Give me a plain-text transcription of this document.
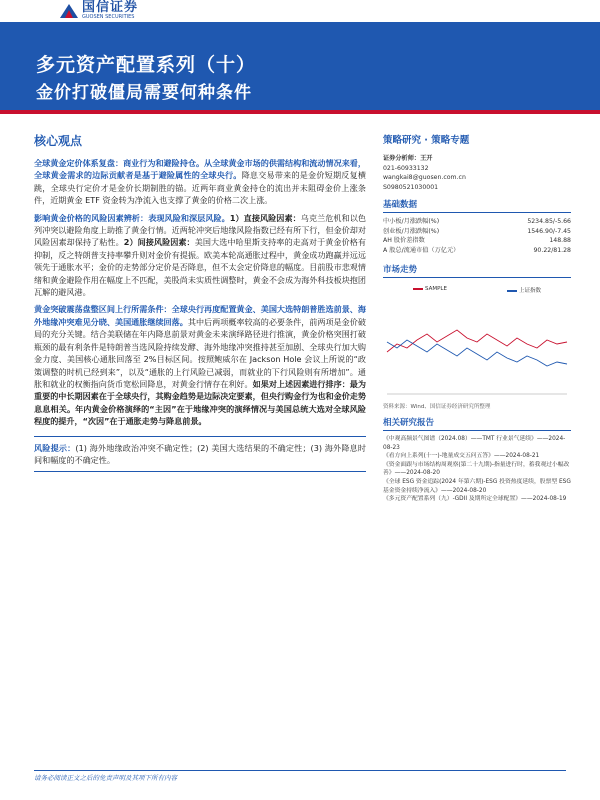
国信证券
GUOSEN SECURITIES
多元资产配置系列（十）
金价打破僵局需要何种条件
核心观点
全球黄金定价体系复盘：商业行为和避险持仓。从全球黄金市场的供需结构和流动情况来看，全球黄金需求的边际贡献者是基于避险属性的全球央行。降息交易带来的是金价短期反复横跳，全球央行定价才是金价长期制胜的锚。近两年商业黄金持仓的流出并未阻碍金价上涨条件，近期黄金 ETF 资金转为净流入也支撑了黄金的价格二次上涨。
影响黄金价格的风险因素辨析：表现风险和深层风险。1）直接风险因素：乌克兰危机和以色列冲突以避险角度上助推了黄金行情。近两轮冲突后地缘风险指数已经有所下行，但金价却对风险因素却保持了粘性。2）间接风险因素：美国大选中哈里斯支持率的走高对于黄金价格有抑制，反之特朗普支持率攀升则对金价有提振。欧美本轮高通胀过程中，黄金成功跑赢并远远领先于通胀水平；金价的走势部分定价是否降息，但不太会定价降息的幅度。目前股市悲观情绪和黄金避险作用在幅度上不匹配，美股尚未实质性调整时，黄金不会成为海外科技板块抱团瓦解的避风港。
黄金突破震荡盘整区间上行所需条件：全球央行再度配置黄金、美国大选特朗普胜选前景、海外地缘冲突难见分晓、美国通胀继续回落。其中后两项概率较高的必要条件，前两项是金价破局的充分关键。结合美联储在年内降息前景对黄金未来演绎路径进行推演，黄金价格突围打破瓶颈的最有利条件是特朗普当选风险持续发酵、海外地缘冲突推持甚至加剧、全球央行加大购金力度、美国核心通胀回落至 2%目标区间。按照鲍威尔在 Jackson Hole 会议上所说的“政策调整的时机已经到来”，以及“通胀的上行风险已减弱，而就业的下行风险则有所增加”。通胀和就业的权衡指向货币宽松回降息，对黄金行情存在利好。如果对上述因素进行排序：最为重要的中长期因素在于全球央行，其购金趋势是边际决定要素，但央行购金行为也和金价走势息息相关。年内黄金价格演绎的“主因”在于地缘冲突的演绎情况与美国总统大选对全球风险程度的提升，“次因”在于通胀走势与降息前景。
风险提示：(1) 海外地缘政治冲突不确定性；(2) 美国大选结果的不确定性；(3) 海外降息时间和幅度的不确定性。
策略研究 · 策略专题
证券分析师：王开
021-60933132
wangkai8@guosen.com.cn
S0980521030001
基础数据
中小板/月涨跌幅(%)	5234.85/-5.66
创业板/月涨跌幅(%)	1546.90/-7.45
AH 股价差指数	148.88
A 股总/流通市值（万亿元）	90.22/81.28
市场走势
SAMPLE	上证指数
资料来源：Wind、国信证券经济研究所整理
相关研究报告
《中观高频景气图谱（2024.08）——TMT 行业景气延续》——2024-08-23
《看方向上系列(十一)-地量成交五问五答》——2024-08-21
《资金面跟与市场结构周观察(第二十九期)-指量进行时，蓄我观过小幅改善》——2024-08-20
《全球 ESG 资金追踪(2024 年第六期)-ESG 投资热度延续，股票型 ESG 基金资金持续净流入》——2024-08-20
《多元资产配置系列（九）-GDII 及期所定全球配置》——2024-08-19
请务必阅读正文之后的免责声明及其项下所有内容
